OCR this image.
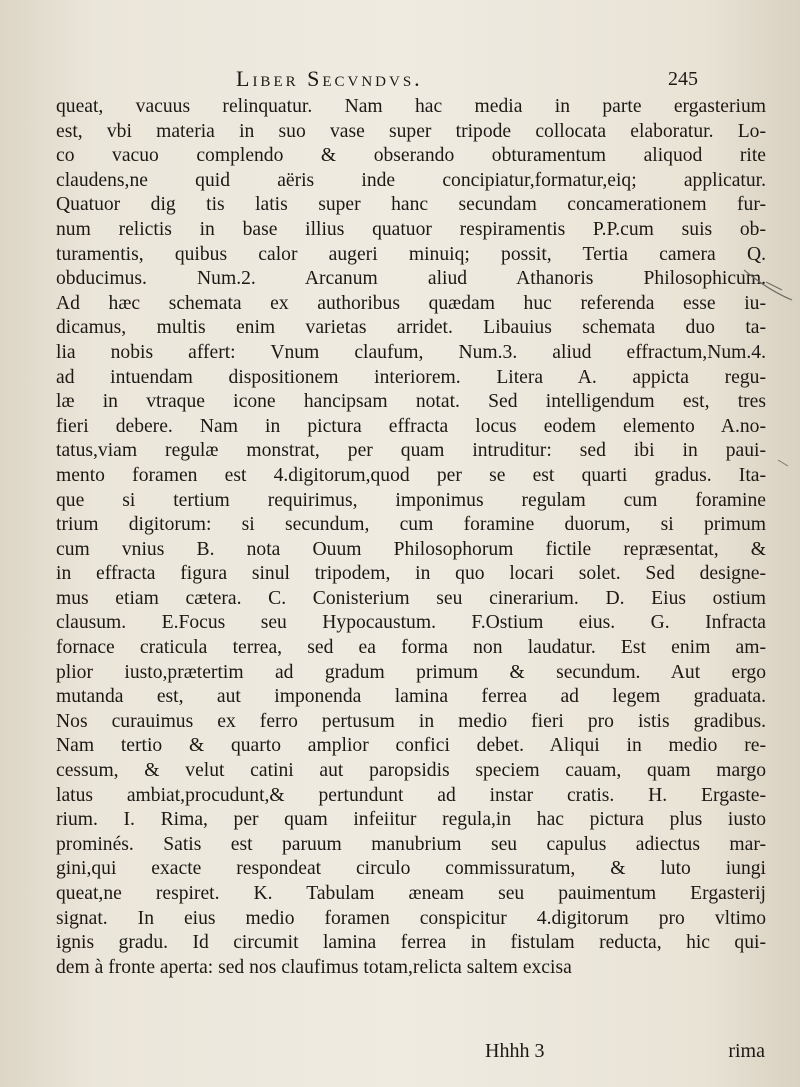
Liber Secvndvs.	245
queat, vacuus relinquatur. Nam hac media in parte ergasterium
est, vbi materia in suo vase super tripode collocata elaboratur. Lo-
co vacuo complendo & obserando obturamentum aliquod rite
claudens,ne quid aëris inde concipiatur,formatur,eiq; applicatur.
Quatuor dig tis latis super hanc secundam concamerationem fur-
num relictis in base illius quatuor respiramentis P.P.cum suis ob-
turamentis, quibus calor augeri minuiq; possit, Tertia camera Q.
obducimus. Num.2. Arcanum aliud Athanoris Philosophicum.
Ad hæc schemata ex authoribus quædam huc referenda esse iu-
dicamus, multis enim varietas arridet. Libauius schemata duo ta-
lia nobis affert: Vnum claufum, Num.3. aliud effractum,Num.4.
ad intuendam dispositionem interiorem. Litera A. appicta regu-
læ in vtraque icone hancipsam notat. Sed intelligendum est, tres
fieri debere. Nam in pictura effracta locus eodem elemento A.no-
tatus,viam regulæ monstrat, per quam intruditur: sed ibi in paui-
mento foramen est 4.digitorum,quod per se est quarti gradus. Ita-
que si tertium requirimus, imponimus regulam cum foramine
trium digitorum: si secundum, cum foramine duorum, si primum
cum vnius B. nota Ouum Philosophorum fictile repræsentat, &
in effracta figura sinul tripodem, in quo locari solet. Sed designe-
mus etiam cætera. C. Conisterium seu cinerarium. D. Eius ostium
clausum. E.Focus seu Hypocaustum. F.Ostium eius. G. Infracta
fornace craticula terrea, sed ea forma non laudatur. Est enim am-
plior iusto,prætertim ad gradum primum & secundum. Aut ergo
mutanda est, aut imponenda lamina ferrea ad legem graduata.
Nos curauimus ex ferro pertusum in medio fieri pro istis gradibus.
Nam tertio & quarto amplior confici debet. Aliqui in medio re-
cessum, & velut catini aut paropsidis speciem cauam, quam margo
latus ambiat,procudunt,& pertundunt ad instar cratis. H. Ergaste-
rium. I. Rima, per quam infeiitur regula,in hac pictura plus iusto
prominés. Satis est paruum manubrium seu capulus adiectus mar-
gini,qui exacte respondeat circulo commissuratum, & luto iungi
queat,ne respiret. K. Tabulam æneam seu pauimentum Ergasterij
signat. In eius medio foramen conspicitur 4.digitorum pro vltimo
ignis gradu. Id circumit lamina ferrea in fistulam reducta, hic qui-
dem à fronte aperta: sed nos claufimus totam,relicta saltem excisa
Hhhh 3	rima
